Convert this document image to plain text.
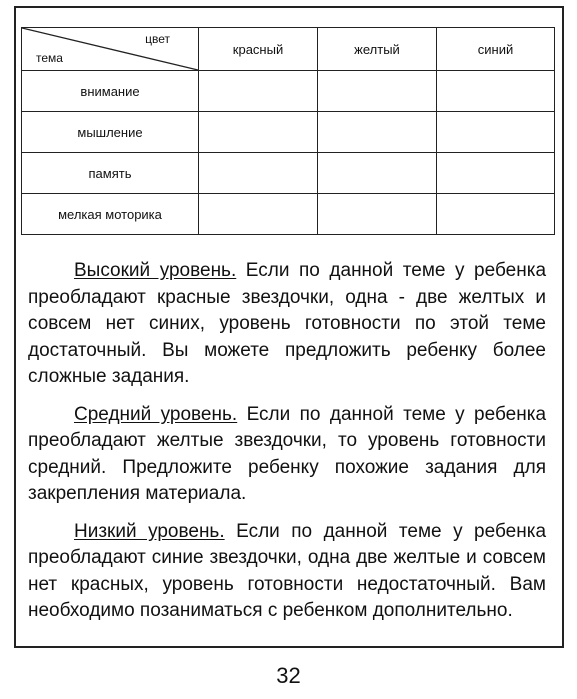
цвет
тема	красный	желтый	синий
внимание			
мышление			
память			
мелкая моторика			

Высокий уровень. Если по данной теме у ребенка преобладают красные звездочки, одна - две желтых и совсем нет синих, уровень готовности по этой теме достаточный. Вы можете предложить ребенку более сложные задания.

Средний уровень. Если по данной теме у ребенка преобладают желтые звездочки, то уровень готовности средний. Предложите ребенку похожие задания для закрепления материала.

Низкий уровень. Если по данной теме у ребенка преобладают синие звездочки, одна две желтые и совсем нет красных, уровень готовности недостаточный. Вам необходимо позаниматься с ребенком дополнительно.

32
